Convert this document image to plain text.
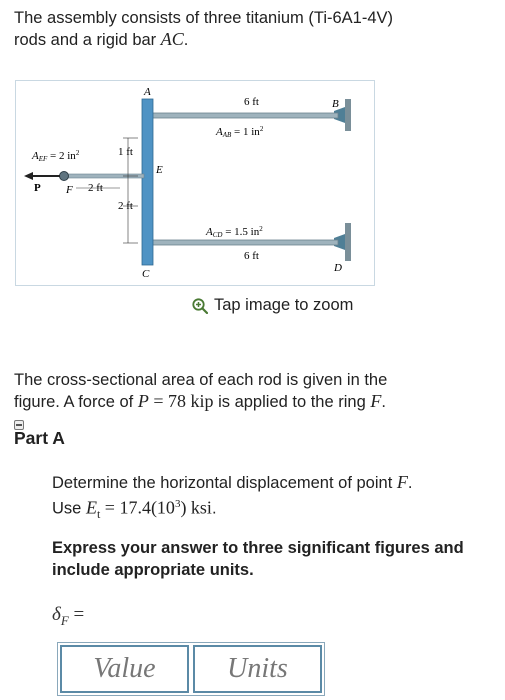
The assembly consists of three titanium (Ti-6A1-4V)
rods and a rigid bar AC.
A
B
C	D
E
F
P
6 ft
AAB = 1 $in^2$
ACD = 1.5 $in^2$
6 ft
AEF = 2 $in^2$	1 ft
2 ft
2 ft
Tap image to zoom
The cross-sectional area of each rod is given in the
figure. A force of P = 78 kip is applied to the ring F.
Part A
Determine the horizontal displacement of point F.
Use $E_t = 17.4(10^3)$ ksi.
Express your answer to three significant figures and include appropriate units.
$\delta_F$ =
Value	Units
